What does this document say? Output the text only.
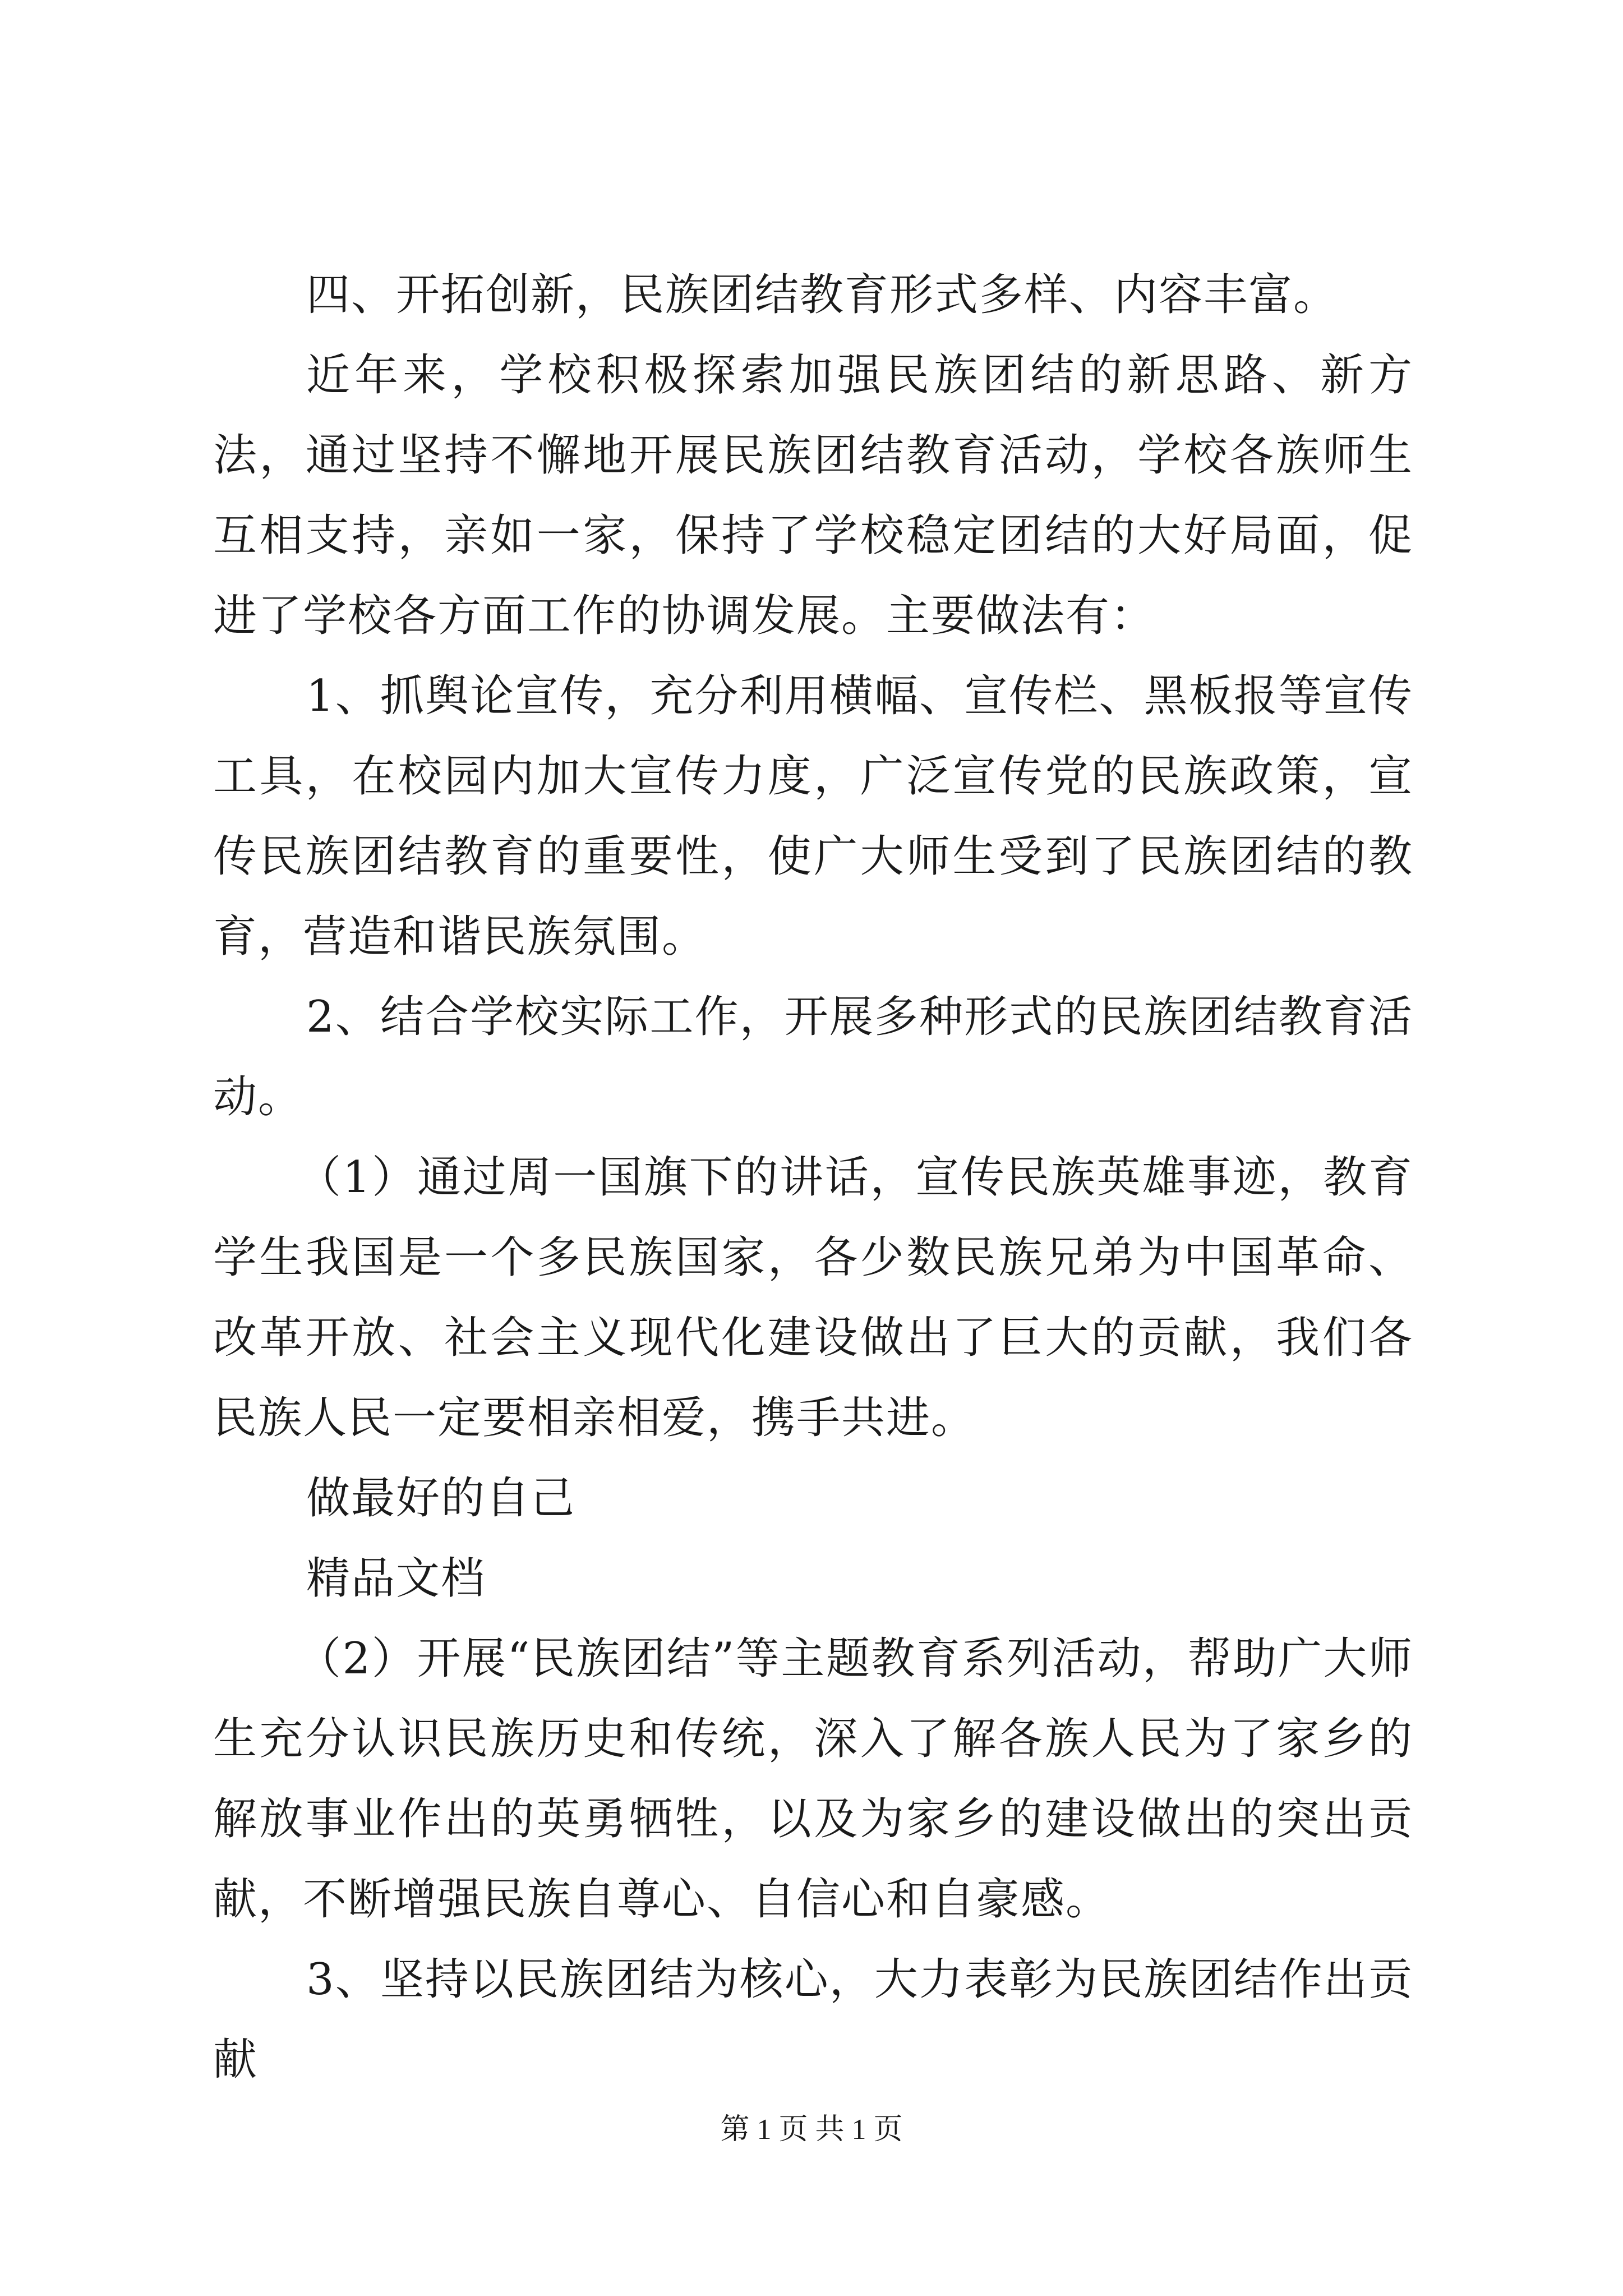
四、开拓创新，民族团结教育形式多样、内容丰富。

近年来，学校积极探索加强民族团结的新思路、新方法，通过坚持不懈地开展民族团结教育活动，学校各族师生互相支持，亲如一家，保持了学校稳定团结的大好局面，促进了学校各方面工作的协调发展。主要做法有：

1、抓舆论宣传，充分利用横幅、宣传栏、黑板报等宣传工具，在校园内加大宣传力度，广泛宣传党的民族政策，宣传民族团结教育的重要性，使广大师生受到了民族团结的教育，营造和谐民族氛围。

2、结合学校实际工作，开展多种形式的民族团结教育活动。

（1）通过周一国旗下的讲话，宣传民族英雄事迹，教育学生我国是一个多民族国家，各少数民族兄弟为中国革命、改革开放、社会主义现代化建设做出了巨大的贡献，我们各民族人民一定要相亲相爱，携手共进。

做最好的自己

精品文档

（2）开展“民族团结”等主题教育系列活动，帮助广大师生充分认识民族历史和传统，深入了解各族人民为了家乡的解放事业作出的英勇牺牲，以及为家乡的建设做出的突出贡献，不断增强民族自尊心、自信心和自豪感。

3、坚持以民族团结为核心，大力表彰为民族团结作出贡献

第 1 页 共 1 页
